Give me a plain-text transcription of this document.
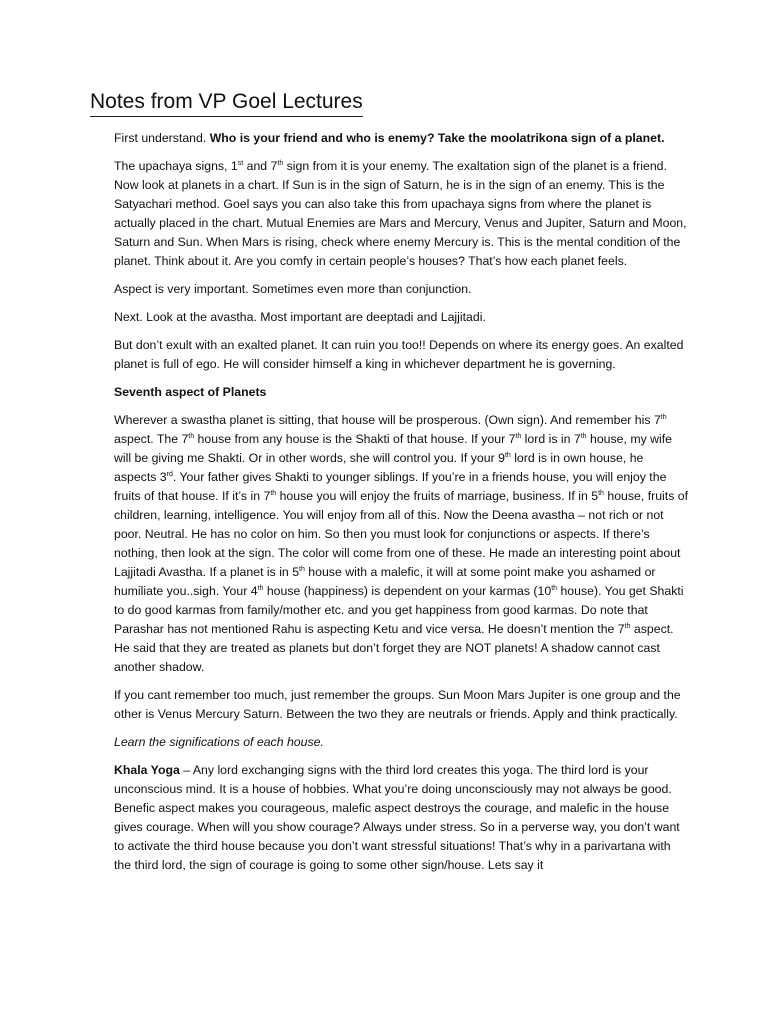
Notes from VP Goel Lectures

First understand. Who is your friend and who is enemy? Take the moolatrikona sign of a planet.

The upachaya signs, 1st and 7th sign from it is your enemy. The exaltation sign of the planet is a friend. Now look at planets in a chart. If Sun is in the sign of Saturn, he is in the sign of an enemy. This is the Satyachari method. Goel says you can also take this from upachaya signs from where the planet is actually placed in the chart. Mutual Enemies are Mars and Mercury, Venus and Jupiter, Saturn and Moon, Saturn and Sun. When Mars is rising, check where enemy Mercury is. This is the mental condition of the planet. Think about it. Are you comfy in certain people’s houses? That’s how each planet feels.

Aspect is very important. Sometimes even more than conjunction.

Next. Look at the avastha. Most important are deeptadi and Lajjitadi.

But don’t exult with an exalted planet. It can ruin you too!! Depends on where its energy goes. An exalted planet is full of ego. He will consider himself a king in whichever department he is governing.

Seventh aspect of Planets

Wherever a swastha planet is sitting, that house will be prosperous. (Own sign). And remember his 7th aspect. The 7th house from any house is the Shakti of that house. If your 7th lord is in 7th house, my wife will be giving me Shakti. Or in other words, she will control you. If your 9th lord is in own house, he aspects 3rd. Your father gives Shakti to younger siblings. If you’re in a friends house, you will enjoy the fruits of that house. If it’s in 7th house you will enjoy the fruits of marriage, business. If in 5th house, fruits of children, learning, intelligence. You will enjoy from all of this. Now the Deena avastha – not rich or not poor. Neutral. He has no color on him. So then you must look for conjunctions or aspects. If there’s nothing, then look at the sign. The color will come from one of these. He made an interesting point about Lajjitadi Avastha. If a planet is in 5th house with a malefic, it will at some point make you ashamed or humiliate you..sigh. Your 4th house (happiness) is dependent on your karmas (10th house). You get Shakti to do good karmas from family/mother etc. and you get happiness from good karmas. Do note that Parashar has not mentioned Rahu is aspecting Ketu and vice versa. He doesn’t mention the 7th aspect. He said that they are treated as planets but don’t forget they are NOT planets! A shadow cannot cast another shadow.

If you cant remember too much, just remember the groups. Sun Moon Mars Jupiter is one group and the other is Venus Mercury Saturn. Between the two they are neutrals or friends. Apply and think practically.

Learn the significations of each house.

Khala Yoga – Any lord exchanging signs with the third lord creates this yoga. The third lord is your unconscious mind. It is a house of hobbies. What you’re doing unconsciously may not always be good. Benefic aspect makes you courageous, malefic aspect destroys the courage, and malefic in the house gives courage. When will you show courage? Always under stress. So in a perverse way, you don’t want to activate the third house because you don’t want stressful situations! That’s why in a parivartana with the third lord, the sign of courage is going to some other sign/house. Lets say it
